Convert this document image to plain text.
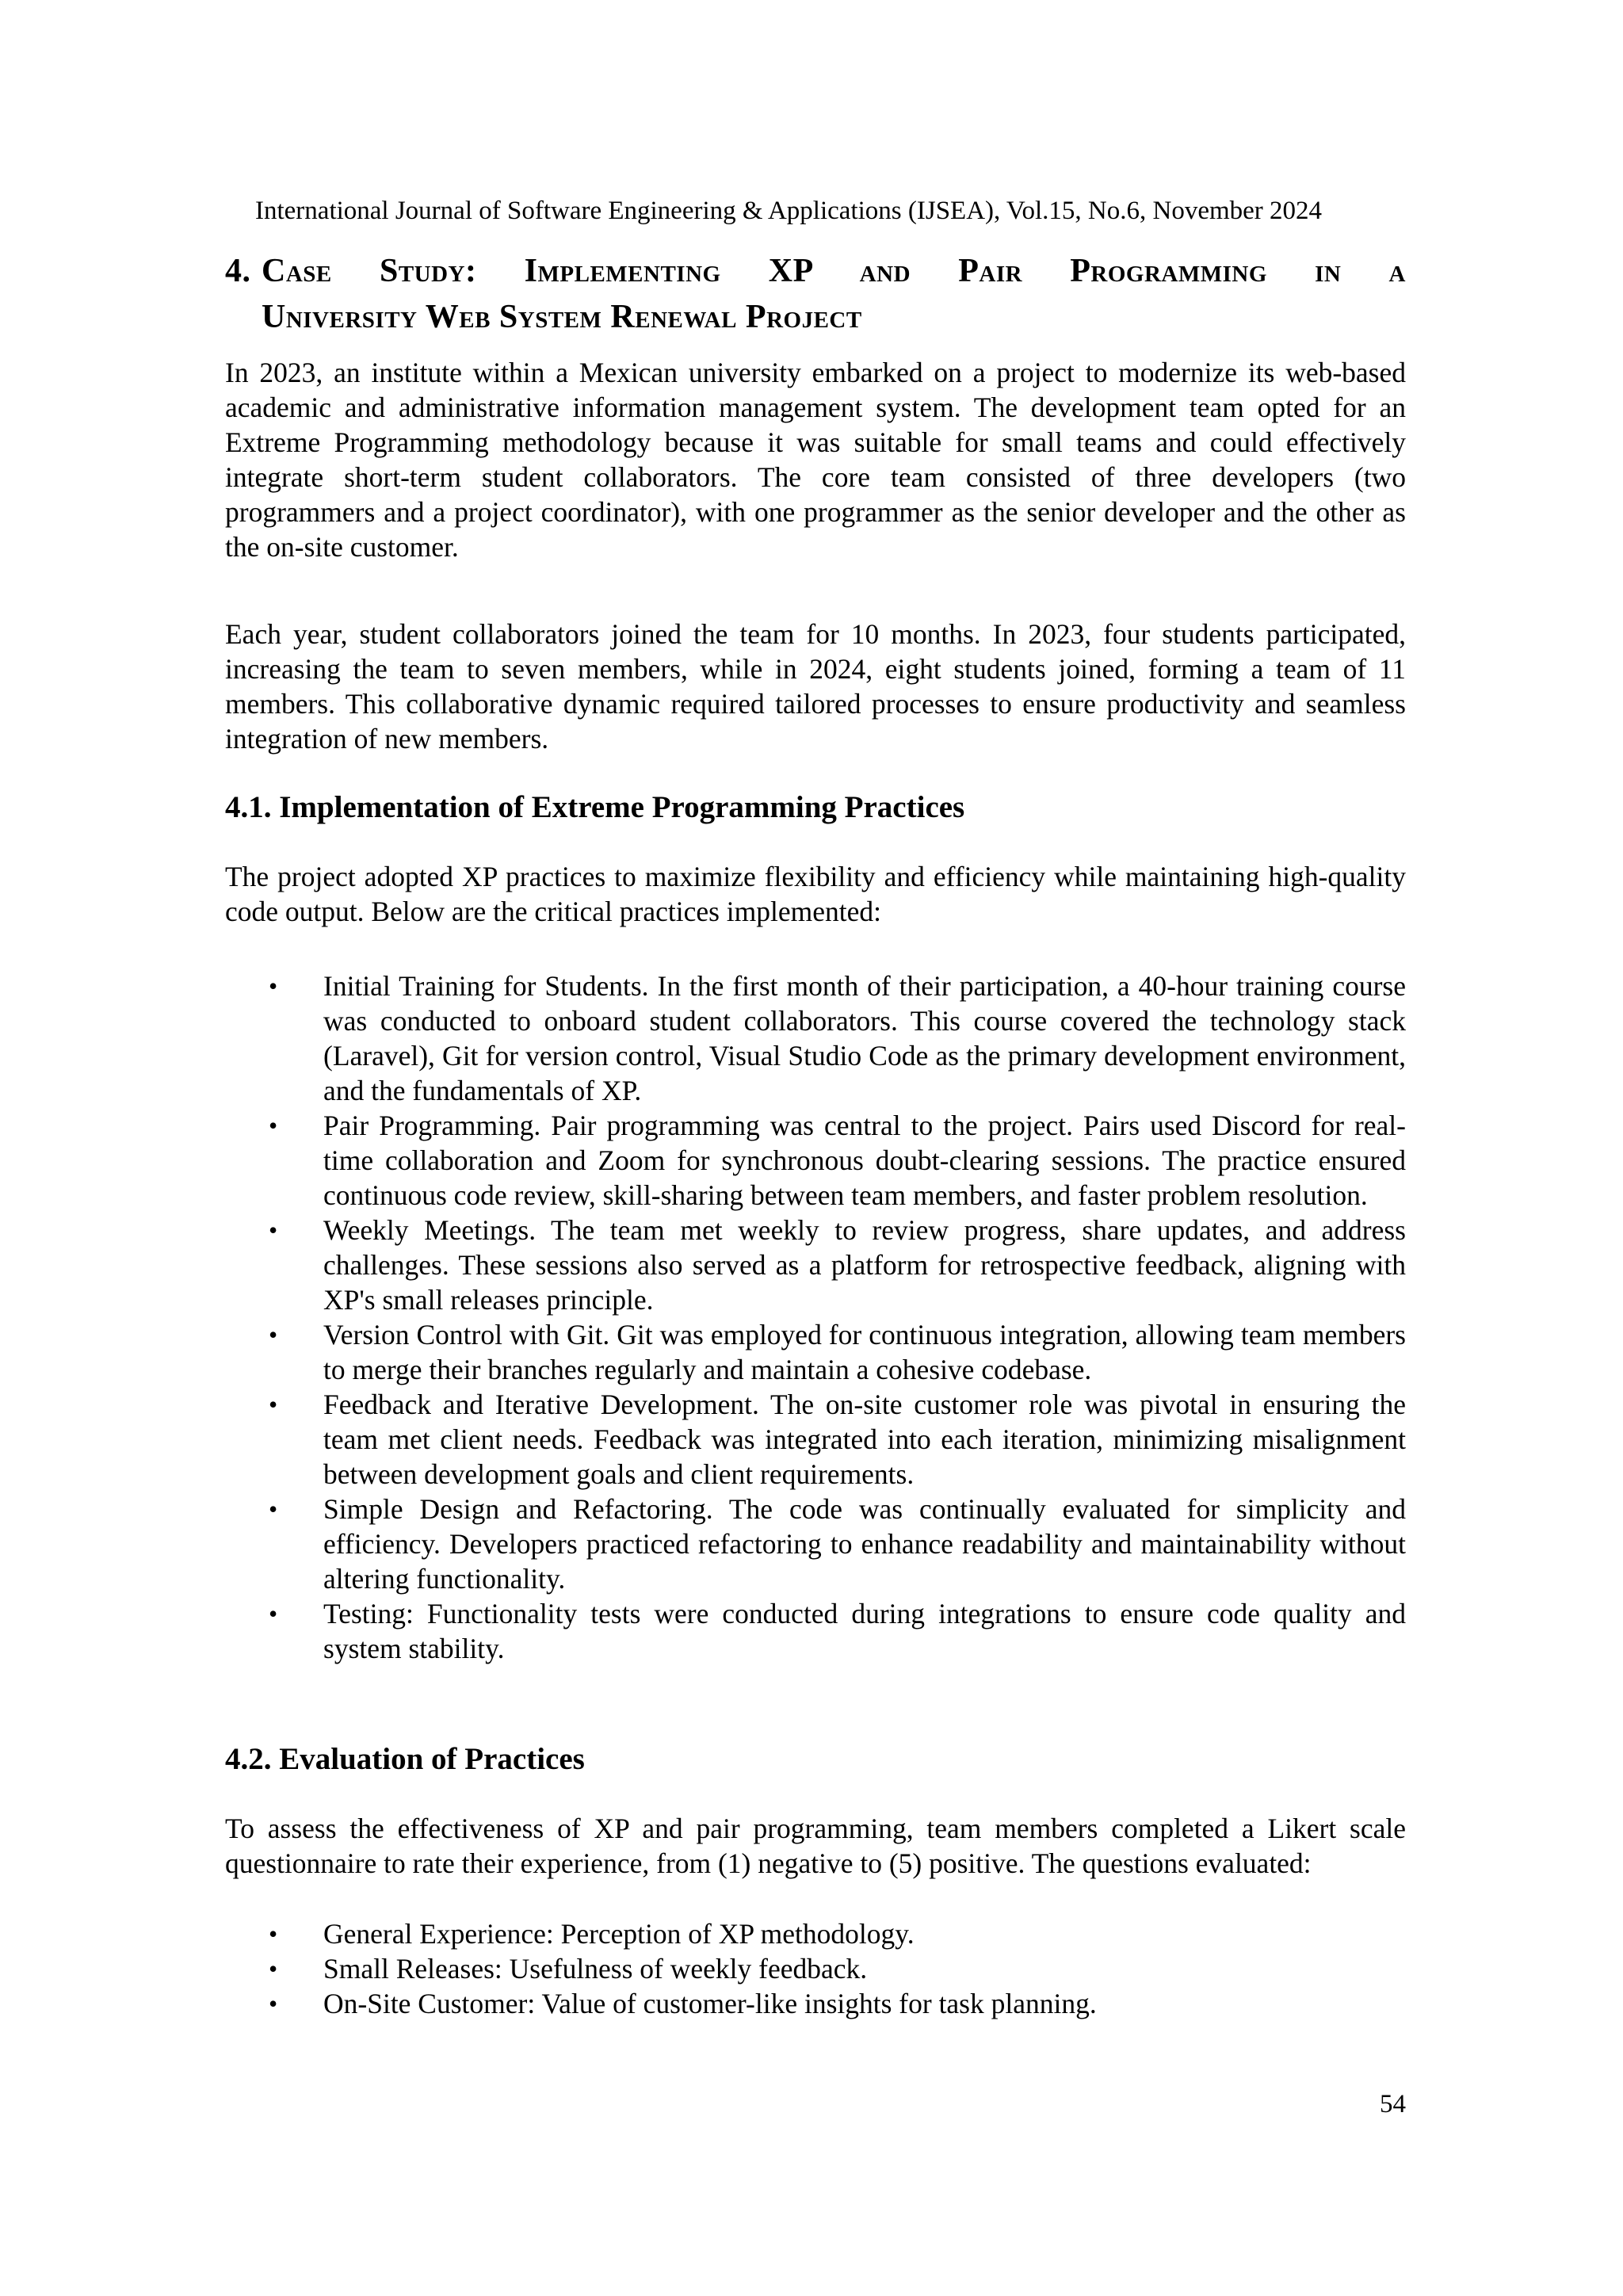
International Journal of Software Engineering & Applications (IJSEA), Vol.15, No.6, November 2024
4. Case Study: Implementing XP and Pair Programming in a
University Web System Renewal Project

In 2023, an institute within a Mexican university embarked on a project to modernize its web-based academic and administrative information management system. The development team opted for an Extreme Programming methodology because it was suitable for small teams and could effectively integrate short-term student collaborators. The core team consisted of three developers (two programmers and a project coordinator), with one programmer as the senior developer and the other as the on-site customer.

Each year, student collaborators joined the team for 10 months. In 2023, four students participated, increasing the team to seven members, while in 2024, eight students joined, forming a team of 11 members. This collaborative dynamic required tailored processes to ensure productivity and seamless integration of new members.

4.1. Implementation of Extreme Programming Practices

The project adopted XP practices to maximize flexibility and efficiency while maintaining high-quality code output. Below are the critical practices implemented:

• Initial Training for Students. In the first month of their participation, a 40-hour training course was conducted to onboard student collaborators. This course covered the technology stack (Laravel), Git for version control, Visual Studio Code as the primary development environment, and the fundamentals of XP.
• Pair Programming. Pair programming was central to the project. Pairs used Discord for real-time collaboration and Zoom for synchronous doubt-clearing sessions. The practice ensured continuous code review, skill-sharing between team members, and faster problem resolution.
• Weekly Meetings. The team met weekly to review progress, share updates, and address challenges. These sessions also served as a platform for retrospective feedback, aligning with XP's small releases principle.
• Version Control with Git. Git was employed for continuous integration, allowing team members to merge their branches regularly and maintain a cohesive codebase.
• Feedback and Iterative Development. The on-site customer role was pivotal in ensuring the team met client needs. Feedback was integrated into each iteration, minimizing misalignment between development goals and client requirements.
• Simple Design and Refactoring. The code was continually evaluated for simplicity and efficiency. Developers practiced refactoring to enhance readability and maintainability without altering functionality.
• Testing: Functionality tests were conducted during integrations to ensure code quality and system stability.
4.2. Evaluation of Practices

To assess the effectiveness of XP and pair programming, team members completed a Likert scale questionnaire to rate their experience, from (1) negative to (5) positive. The questions evaluated:

• General Experience: Perception of XP methodology.
• Small Releases: Usefulness of weekly feedback.
• On-Site Customer: Value of customer-like insights for task planning.
54
